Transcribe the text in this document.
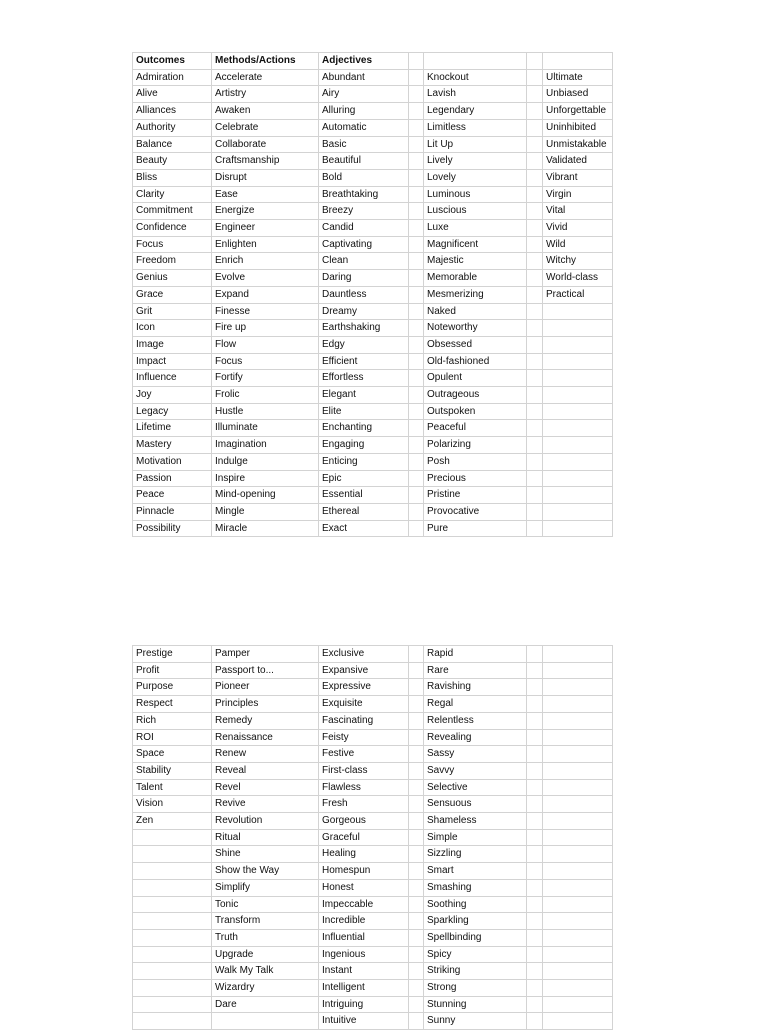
Outcomes	Methods/Actions	Adjectives				
Admiration	Accelerate	Abundant		Knockout		Ultimate
Alive	Artistry	Airy		Lavish		Unbiased
Alliances	Awaken	Alluring		Legendary		Unforgettable
Authority	Celebrate	Automatic		Limitless		Uninhibited
Balance	Collaborate	Basic		Lit Up		Unmistakable
Beauty	Craftsmanship	Beautiful		Lively		Validated
Bliss	Disrupt	Bold		Lovely		Vibrant
Clarity	Ease	Breathtaking		Luminous		Virgin
Commitment	Energize	Breezy		Luscious		Vital
Confidence	Engineer	Candid		Luxe		Vivid
Focus	Enlighten	Captivating		Magnificent		Wild
Freedom	Enrich	Clean		Majestic		Witchy
Genius	Evolve	Daring		Memorable		World-class
Grace	Expand	Dauntless		Mesmerizing		Practical
Grit	Finesse	Dreamy		Naked		
Icon	Fire up	Earthshaking		Noteworthy		
Image	Flow	Edgy		Obsessed		
Impact	Focus	Efficient		Old-fashioned		
Influence	Fortify	Effortless		Opulent		
Joy	Frolic	Elegant		Outrageous		
Legacy	Hustle	Elite		Outspoken		
Lifetime	Illuminate	Enchanting		Peaceful		
Mastery	Imagination	Engaging		Polarizing		
Motivation	Indulge	Enticing		Posh		
Passion	Inspire	Epic		Precious		
Peace	Mind-opening	Essential		Pristine		
Pinnacle	Mingle	Ethereal		Provocative		
Possibility	Miracle	Exact		Pure		
Prestige	Pamper	Exclusive		Rapid		
Profit	Passport to...	Expansive		Rare		
Purpose	Pioneer	Expressive		Ravishing		
Respect	Principles	Exquisite		Regal		
Rich	Remedy	Fascinating		Relentless		
ROI	Renaissance	Feisty		Revealing		
Space	Renew	Festive		Sassy		
Stability	Reveal	First-class		Savvy		
Talent	Revel	Flawless		Selective		
Vision	Revive	Fresh		Sensuous		
Zen	Revolution	Gorgeous		Shameless		
	Ritual	Graceful		Simple		
	Shine	Healing		Sizzling		
	Show the Way	Homespun		Smart		
	Simplify	Honest		Smashing		
	Tonic	Impeccable		Soothing		
	Transform	Incredible		Sparkling		
	Truth	Influential		Spellbinding		
	Upgrade	Ingenious		Spicy		
	Walk My Talk	Instant		Striking		
	Wizardry	Intelligent		Strong		
	Dare	Intriguing		Stunning		
		Intuitive		Sunny		
